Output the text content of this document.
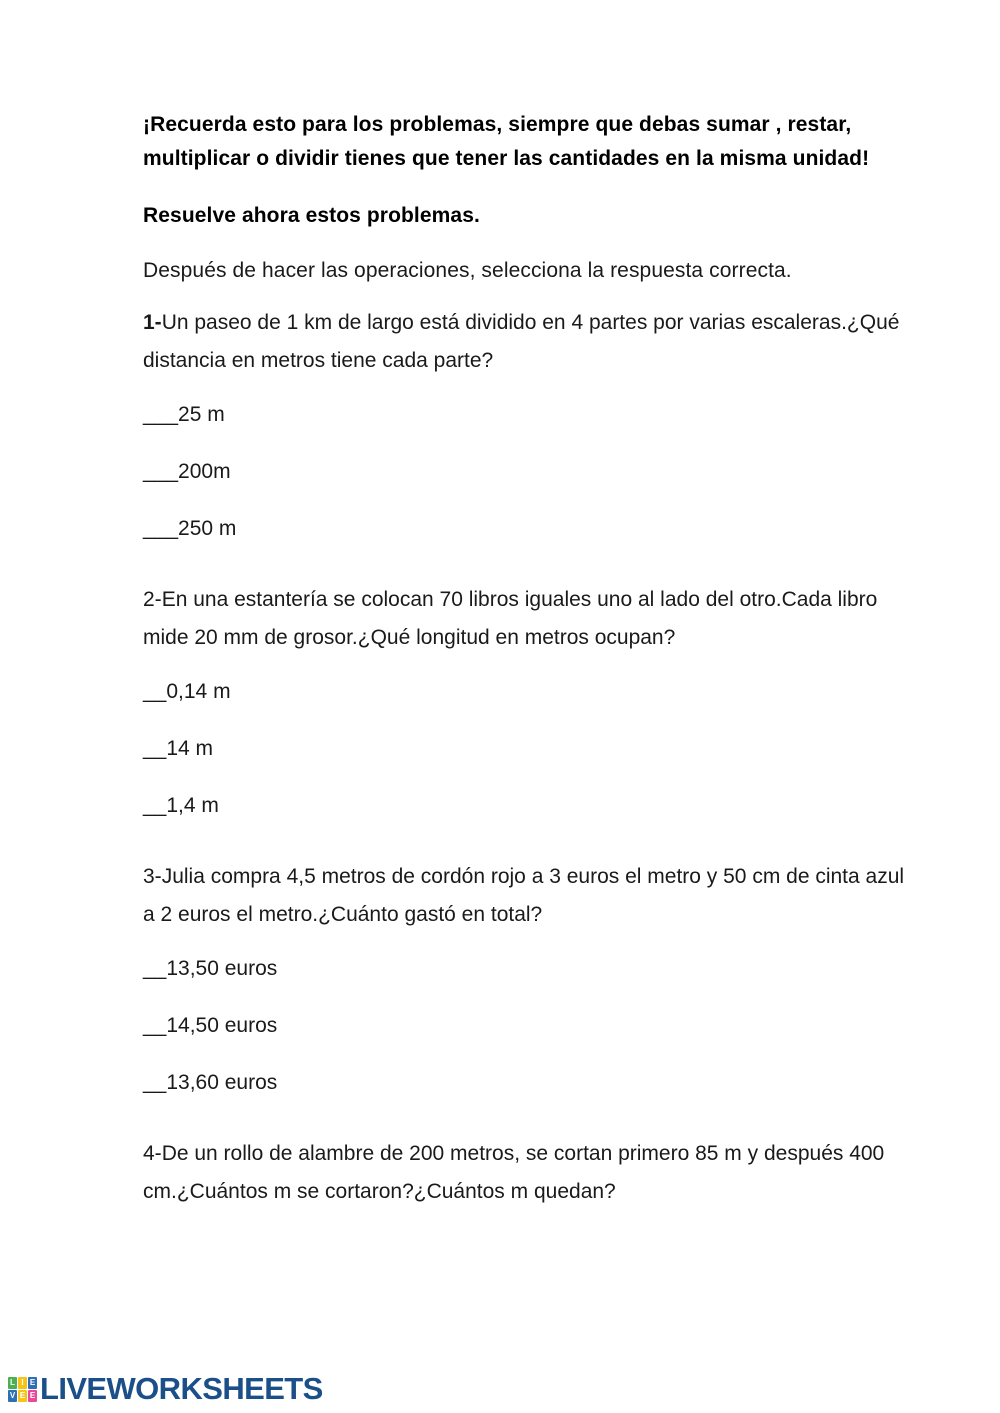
¡Recuerda esto para los problemas, siempre que debas sumar , restar, multiplicar o dividir tienes que tener las cantidades en la misma unidad!

Resuelve ahora estos problemas.

Después de hacer las operaciones, selecciona la respuesta correcta.

1-Un paseo de 1 km de largo está dividido en 4 partes por varias escaleras.¿Qué distancia en metros tiene cada parte?

___25 m

___200m

___250 m

2-En una estantería se colocan 70 libros iguales uno al lado del otro.Cada libro mide 20 mm de grosor.¿Qué longitud en metros ocupan?

__0,14 m

__14 m

__1,4 m

3-Julia compra 4,5 metros de cordón rojo a 3 euros el metro y 50 cm de cinta azul a 2 euros el metro.¿Cuánto gastó en total?

__13,50 euros

__14,50 euros

__13,60 euros

4-De un rollo de alambre de 200 metros, se cortan primero 85 m y después 400 cm.¿Cuántos m se cortaron?¿Cuántos m quedan?

L I E
V E E LIVEWORKSHEETS
